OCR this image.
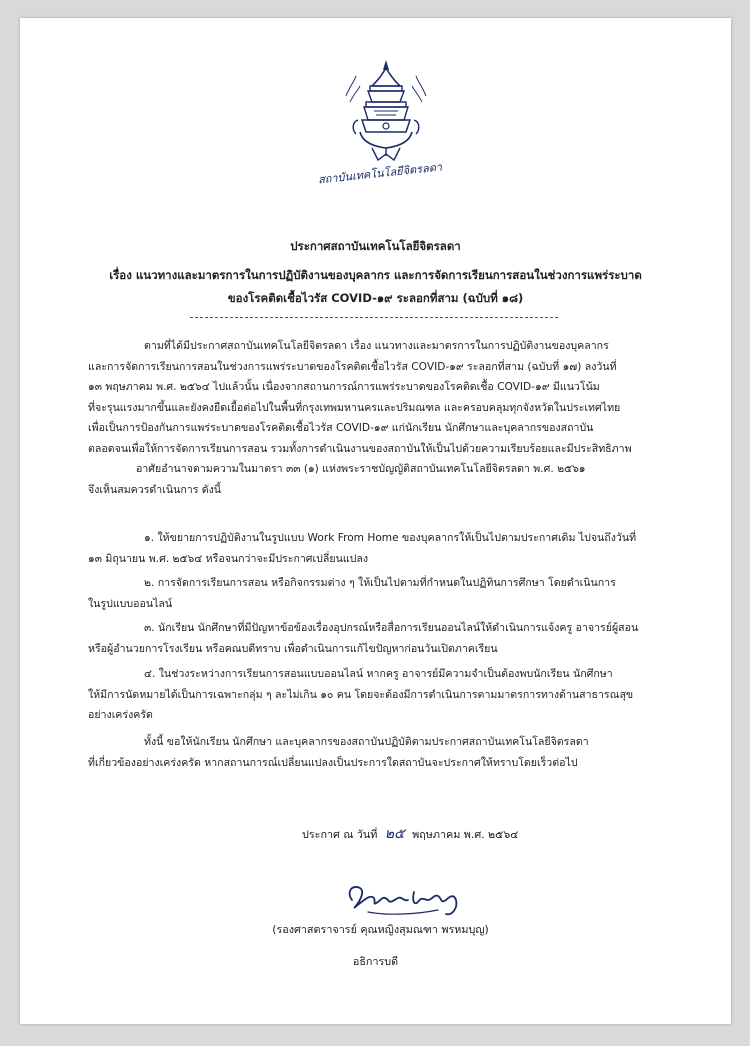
สถาบันเทคโนโลยีจิตรลดา
ประกาศสถาบันเทคโนโลยีจิตรลดา
เรื่อง แนวทางและมาตรการในการปฏิบัติงานของบุคลากร และการจัดการเรียนการสอนในช่วงการแพร่ระบาด
ของโรคติดเชื้อไวรัส COVID-๑๙ ระลอกที่สาม (ฉบับที่ ๑๘)
ตามที่ได้มีประกาศสถาบันเทคโนโลยีจิตรลดา เรื่อง แนวทางและมาตรการในการปฏิบัติงานของบุคลากร
และการจัดการเรียนการสอนในช่วงการแพร่ระบาดของโรคติดเชื้อไวรัส COVID-๑๙ ระลอกที่สาม (ฉบับที่ ๑๗) ลงวันที่
๑๓ พฤษภาคม พ.ศ. ๒๕๖๔ ไปแล้วนั้น เนื่องจากสถานการณ์การแพร่ระบาดของโรคติดเชื้อ COVID-๑๙ มีแนวโน้ม
ที่จะรุนแรงมากขึ้นและยังคงยืดเยื้อต่อไปในพื้นที่กรุงเทพมหานครและปริมณฑล และครอบคลุมทุกจังหวัดในประเทศไทย
เพื่อเป็นการป้องกันการแพร่ระบาดของโรคติดเชื้อไวรัส COVID-๑๙ แก่นักเรียน นักศึกษาและบุคลากรของสถาบัน
ตลอดจนเพื่อให้การจัดการเรียนการสอน รวมทั้งการดำเนินงานของสถาบันให้เป็นไปด้วยความเรียบร้อยและมีประสิทธิภาพ
อาศัยอำนาจตามความในมาตรา ๓๓ (๑) แห่งพระราชบัญญัติสถาบันเทคโนโลยีจิตรลดา พ.ศ. ๒๕๖๑
จึงเห็นสมควรดำเนินการ ดังนี้
๑. ให้ขยายการปฏิบัติงานในรูปแบบ Work From Home ของบุคลากรให้เป็นไปตามประกาศเดิม ไปจนถึงวันที่
๑๓ มิถุนายน พ.ศ. ๒๕๖๔ หรือจนกว่าจะมีประกาศเปลี่ยนแปลง
๒. การจัดการเรียนการสอน หรือกิจกรรมต่าง ๆ ให้เป็นไปตามที่กำหนดในปฏิทินการศึกษา โดยดำเนินการ
ในรูปแบบออนไลน์
๓. นักเรียน นักศึกษาที่มีปัญหาข้อข้องเรื่องอุปกรณ์หรือสื่อการเรียนออนไลน์ให้ดำเนินการแจ้งครู อาจารย์ผู้สอน
หรือผู้อำนวยการโรงเรียน หรือคณบดีทราบ เพื่อดำเนินการแก้ไขปัญหาก่อนวันเปิดภาคเรียน
๔. ในช่วงระหว่างการเรียนการสอนแบบออนไลน์ หากครู อาจารย์มีความจำเป็นต้องพบนักเรียน นักศึกษา
ให้มีการนัดหมายได้เป็นการเฉพาะกลุ่ม ๆ ละไม่เกิน ๑๐ คน โดยจะต้องมีการดำเนินการตามมาตรการทางด้านสาธารณสุข
อย่างเคร่งครัด
ทั้งนี้ ขอให้นักเรียน นักศึกษา และบุคลากรของสถาบันปฏิบัติตามประกาศสถาบันเทคโนโลยีจิตรลดา
ที่เกี่ยวข้องอย่างเคร่งครัด หากสถานการณ์เปลี่ยนแปลงเป็นประการใดสถาบันจะประกาศให้ทราบโดยเร็วต่อไป
ประกาศ ณ วันที่ ๒๕ พฤษภาคม พ.ศ. ๒๕๖๔
(รองศาสตราจารย์ คุณหญิงสุมณฑา พรหมบุญ)
อธิการบดี
